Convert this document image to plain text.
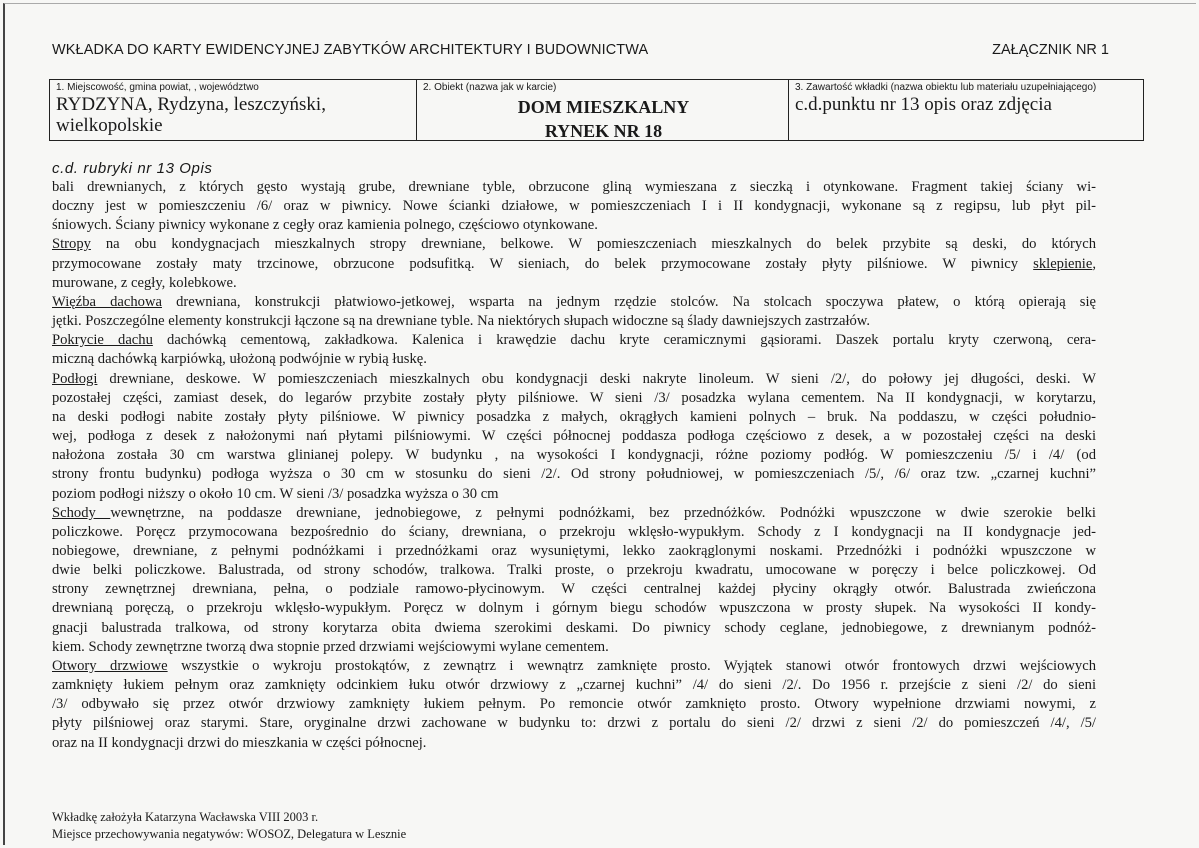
WKŁADKA DO KARTY EWIDENCYJNEJ ZABYTKÓW ARCHITEKTURY I BUDOWNICTWA	ZAŁĄCZNIK NR 1
1. Miejscowość, gmina powiat, , województwo
RYDZYNA, Rydzyna, leszczyński,
wielkopolskie
2. Obiekt (nazwa jak w karcie)
DOM MIESZKALNY
RYNEK NR 18
3. Zawartość wkładki (nazwa obiektu lub materiału uzupełniającego)
c.d.punktu nr 13 opis oraz zdjęcia
c.d. rubryki nr 13 Opis
bali drewnianych, z których gęsto wystają grube, drewniane tyble, obrzucone gliną wymieszana z sieczką i otynkowane. Fragment takiej ściany wi-
doczny jest w pomieszczeniu /6/ oraz w piwnicy. Nowe ścianki działowe, w pomieszczeniach I i II kondygnacji, wykonane są z regipsu, lub płyt pil-
śniowych. Ściany piwnicy wykonane z cegły oraz kamienia polnego, częściowo otynkowane.
Stropy na obu kondygnacjach mieszkalnych stropy drewniane, belkowe. W pomieszczeniach mieszkalnych do belek przybite są deski, do których
przymocowane zostały maty trzcinowe, obrzucone podsufitką. W sieniach, do belek przymocowane zostały płyty pilśniowe. W piwnicy sklepienie,
murowane, z cegły, kolebkowe.
Więźba dachowa drewniana, konstrukcji płatwiowo-jetkowej, wsparta na jednym rzędzie stolców. Na stolcach spoczywa płatew, o którą opierają się
jętki. Poszczególne elementy konstrukcji łączone są na drewniane tyble. Na niektórych słupach widoczne są ślady dawniejszych zastrzałów.
Pokrycie dachu dachówką cementową, zakładkowa. Kalenica i krawędzie dachu kryte ceramicznymi gąsiorami. Daszek portalu kryty czerwoną, cera-
miczną dachówką karpiówką, ułożoną podwójnie w rybią łuskę.
Podłogi drewniane, deskowe. W pomieszczeniach mieszkalnych obu kondygnacji deski nakryte linoleum. W sieni /2/, do połowy jej długości, deski. W
pozostałej części, zamiast desek, do legarów przybite zostały płyty pilśniowe. W sieni /3/ posadzka wylana cementem. Na II kondygnacji, w korytarzu,
na deski podłogi nabite zostały płyty pilśniowe. W piwnicy posadzka z małych, okrągłych kamieni polnych – bruk. Na poddaszu, w części południo-
wej, podłoga z desek z nałożonymi nań płytami pilśniowymi. W części północnej poddasza podłoga częściowo z desek, a w pozostałej części na deski
nałożona została 30 cm warstwa glinianej polepy. W budynku , na wysokości I kondygnacji, różne poziomy podłóg. W pomieszczeniu /5/ i /4/ (od
strony frontu budynku) podłoga wyższa o 30 cm w stosunku do sieni /2/. Od strony południowej, w pomieszczeniach /5/, /6/ oraz tzw. „czarnej kuchni”
poziom podłogi niższy o około 10 cm. W sieni /3/ posadzka wyższa o 30 cm
Schody wewnętrzne, na poddasze drewniane, jednobiegowe, z pełnymi podnóżkami, bez przednóżków. Podnóżki wpuszczone w dwie szerokie belki
policzkowe. Poręcz przymocowana bezpośrednio do ściany, drewniana, o przekroju wklęsło-wypukłym. Schody z I kondygnacji na II kondygnacje jed-
nobiegowe, drewniane, z pełnymi podnóżkami i przednóżkami oraz wysuniętymi, lekko zaokrąglonymi noskami. Przednóżki i podnóżki wpuszczone w
dwie belki policzkowe. Balustrada, od strony schodów, tralkowa. Tralki proste, o przekroju kwadratu, umocowane w poręczy i belce policzkowej. Od
strony zewnętrznej drewniana, pełna, o podziale ramowo-płycinowym. W części centralnej każdej płyciny okrągły otwór. Balustrada zwieńczona
drewnianą poręczą, o przekroju wklęsło-wypukłym. Poręcz w dolnym i górnym biegu schodów wpuszczona w prosty słupek. Na wysokości II kondy-
gnacji balustrada tralkowa, od strony korytarza obita dwiema szerokimi deskami. Do piwnicy schody ceglane, jednobiegowe, z drewnianym podnóż-
kiem. Schody zewnętrzne tworzą dwa stopnie przed drzwiami wejściowymi wylane cementem.
Otwory drzwiowe wszystkie o wykroju prostokątów, z zewnątrz i wewnątrz zamknięte prosto. Wyjątek stanowi otwór frontowych drzwi wejściowych
zamknięty łukiem pełnym oraz zamknięty odcinkiem łuku otwór drzwiowy z „czarnej kuchni” /4/ do sieni /2/. Do 1956 r. przejście z sieni /2/ do sieni
/3/ odbywało się przez otwór drzwiowy zamknięty łukiem pełnym. Po remoncie otwór zamknięto prosto. Otwory wypełnione drzwiami nowymi, z
płyty pilśniowej oraz starymi. Stare, oryginalne drzwi zachowane w budynku to: drzwi z portalu do sieni /2/ drzwi z sieni /2/ do pomieszczeń /4/, /5/
oraz na II kondygnacji drzwi do mieszkania w części północnej.
Wkładkę założyła Katarzyna Wacławska VIII 2003 r.
Miejsce przechowywania negatywów: WOSOZ, Delegatura w Lesznie
